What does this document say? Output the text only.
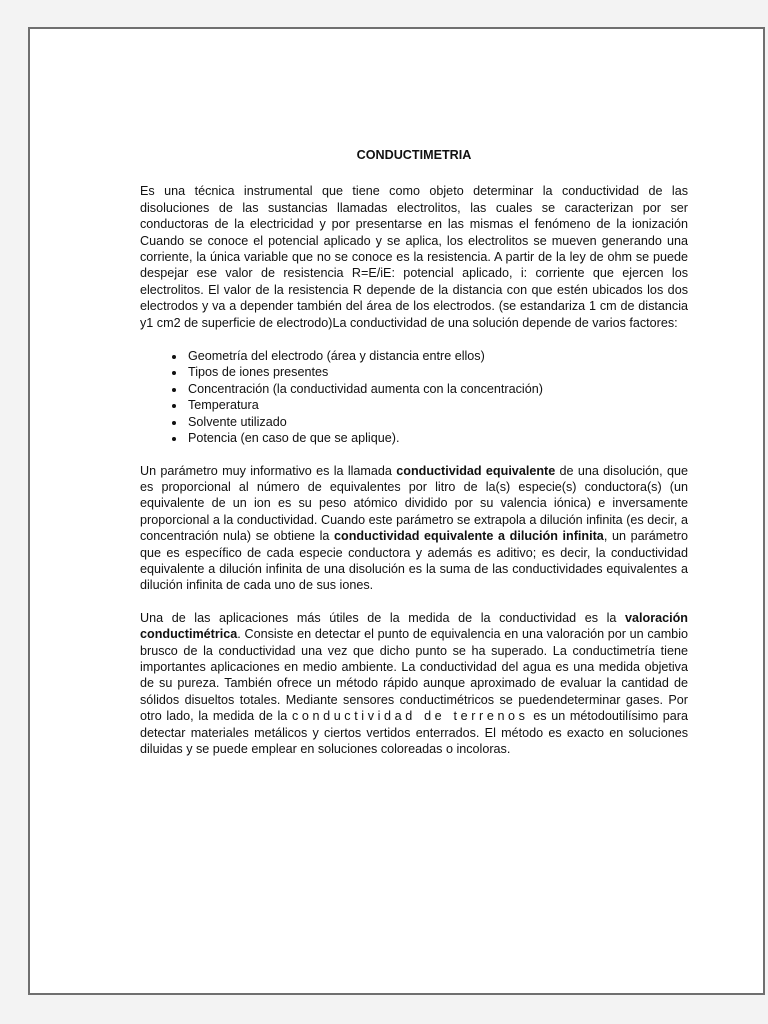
CONDUCTIMETRIA

Es una técnica instrumental que tiene como objeto determinar la conductividad de las disoluciones de las sustancias llamadas electrolitos, las cuales se caracterizan por ser conductoras de la electricidad y por presentarse en las mismas el fenómeno de la ionización Cuando se conoce el potencial aplicado y se aplica, los electrolitos se mueven generando una corriente, la única variable que no se conoce es la resistencia. A partir de la ley de ohm se puede despejar ese valor de resistencia R=E/iE: potencial aplicado, i: corriente que ejercen los electrolitos. El valor de la resistencia R depende de la distancia con que estén ubicados los dos electrodos y va a depender también del área de los electrodos. (se estandariza 1 cm de distancia y1 cm2 de superficie de electrodo)La conductividad de una solución depende de varios factores:

• Geometría del electrodo (área y distancia entre ellos)
• Tipos de iones presentes
• Concentración (la conductividad aumenta con la concentración)
• Temperatura
• Solvente utilizado
• Potencia (en caso de que se aplique).

Un parámetro muy informativo es la llamada conductividad equivalente de una disolución, que es proporcional al número de equivalentes por litro de la(s) especie(s) conductora(s) (un equivalente de un ion es su peso atómico dividido por su valencia iónica) e inversamente proporcional a la conductividad. Cuando este parámetro se extrapola a dilución infinita (es decir, a concentración nula) se obtiene la conductividad equivalente a dilución infinita, un parámetro que es específico de cada especie conductora y además es aditivo; es decir, la conductividad equivalente a dilución infinita de una disolución es la suma de las conductividades equivalentes a dilución infinita de cada uno de sus iones.

Una de las aplicaciones más útiles de la medida de la conductividad es la valoración conductimétrica. Consiste en detectar el punto de equivalencia en una valoración por un cambio brusco de la conductividad una vez que dicho punto se ha superado. La conductimetría tiene importantes aplicaciones en medio ambiente. La conductividad del agua es una medida objetiva de su pureza. También ofrece un método rápido aunque aproximado de evaluar la cantidad de sólidos disueltos totales. Mediante sensores conductimétricos se puedendeterminar gases. Por otro lado, la medida de la conductividad de terrenos es un métodoutilísimo para detectar materiales metálicos y ciertos vertidos enterrados. El método es exacto en soluciones diluidas y se puede emplear en soluciones coloreadas o incoloras.
